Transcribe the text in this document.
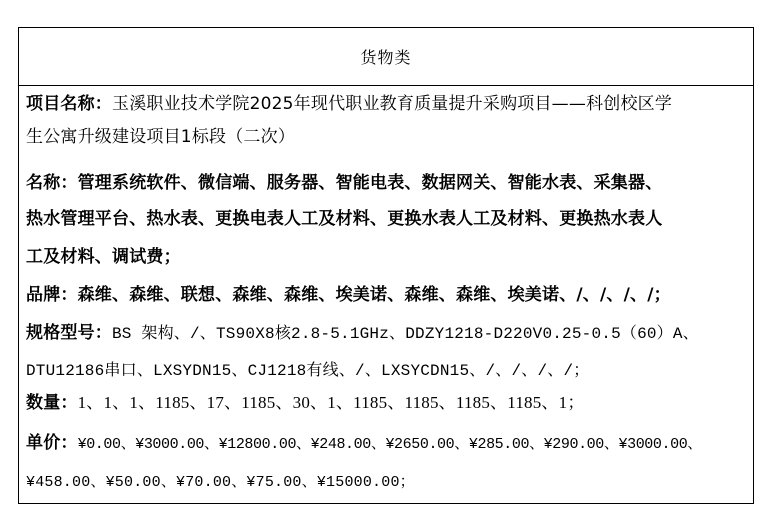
货物类
项目名称：玉溪职业技术学院2025年现代职业教育质量提升采购项目——科创校区学
生公寓升级建设项目1标段（二次）
名称：管理系统软件、微信端、服务器、智能电表、数据网关、智能水表、采集器、
热水管理平台、热水表、更换电表人工及材料、更换水表人工及材料、更换热水表人
工及材料、调试费；
品牌：森维、森维、联想、森维、森维、埃美诺、森维、森维、埃美诺、/、/、/、/；
规格型号：BS 架构、/、TS90X8核2.8-5.1GHz、DDZY1218-D220V0.25-0.5（60）A、
DTU12186串口、LXSYDN15、CJ1218有线、/、LXSYCDN15、/、/、/、/；
数量：1、1、1、1185、17、1185、30、1、1185、1185、1185、1185、1；
单价：¥0.00、¥3000.00、¥12800.00、¥248.00、¥2650.00、¥285.00、¥290.00、¥3000.00、
¥458.00、¥50.00、¥70.00、¥75.00、¥15000.00；
